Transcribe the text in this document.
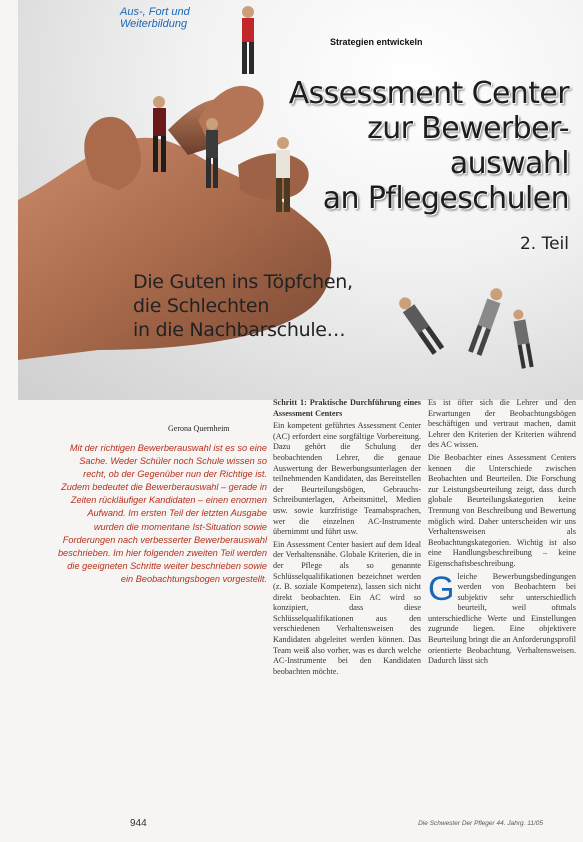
Aus-, Fort und Weiterbildung
Strategien entwickeln
Assessment Center
zur Bewerber-
auswahl
an Pflegeschulen
2. Teil
Die Guten ins Töpfchen,
die Schlechten
in die Nachbarschule…
Gerona Quernheim
Mit der richtigen Bewerberauswahl ist es so eine Sache. Weder Schüler noch Schule wissen so recht, ob der Gegenüber nun der Richtige ist. Zudem bedeutet die Bewerberauswahl – gerade in Zeiten rückläufiger Kandidaten – einen enormen Aufwand. Im ersten Teil der letzten Ausgabe wurden die momentane Ist-Situation sowie Forderungen nach verbesserter Bewerberauswahl beschrieben. Im hier folgenden zweiten Teil werden die geeigneten Schritte weiter beschrieben sowie ein Beobachtungsbogen vorgestellt.

Schritt 1: Praktische Durchführung eines Assessment Centers

Ein kompetent geführtes Assessment Center (AC) erfordert eine sorgfältige Vorbereitung. Dazu gehört die Schulung der beobachtenden Lehrer, die genaue Auswertung der Bewerbungsunterlagen der teilnehmenden Kandidaten, das Bereitstellen der Beurteilungsbögen, Gebrauchs-Schreibunterlagen, Arbeitsmittel, Medien usw. sowie kurzfristige Teamabsprachen, wer die einzelnen AC-Instrumente übernimmt und führt usw.

Ein Assessment Center basiert auf dem Ideal der Verhaltensnähe. Globale Kriterien, die in der Pflege als so genannte Schlüsselqualifikationen bezeichnet werden (z. B. soziale Kompetenz), lassen sich nicht direkt beobachten. Ein AC wird so konzipiert, dass diese Schlüsselqualifikationen aus den verschiedenen Verhaltensweisen des Kandidaten abgeleitet werden können. Das Team weiß also vorher, was es durch welche AC-Instrumente bei den Kandidaten beobachten möchte.

Es ist öfter sich die Lehrer und den Erwartungen der Beobachtungsbögen beschäftigen und vertraut machen, damit Lehrer den Kriterien der Kriterien während des AC wissen.

Die Beobachter eines Assessment Centers kennen die Unterschiede zwischen Beobachten und Beurteilen. Die Forschung zur Leistungsbeurteilung zeigt, dass durch globale Beurteilungskategorien keine Trennung von Beschreibung und Bewertung möglich wird. Daher unterscheiden wir uns Verhaltensweisen als Beobachtungskategorien. Wichtig ist also eine Handlungsbeschreibung – keine Eigenschaftsbeschreibung.

Gleiche Bewerbungsbedingungen werden von Beobachtern bei subjektiv sehr unterschiedlich beurteilt, weil oftmals unterschiedliche Werte und Einstellungen zugrunde liegen. Eine objektivere Beurteilung bringt die an Anforderungsprofil orientierte Beobachtung. Verhaltensweisen. Dadurch lässt sich

944	Die Schwester Der Pfleger 44. Jahrg. 11/05
